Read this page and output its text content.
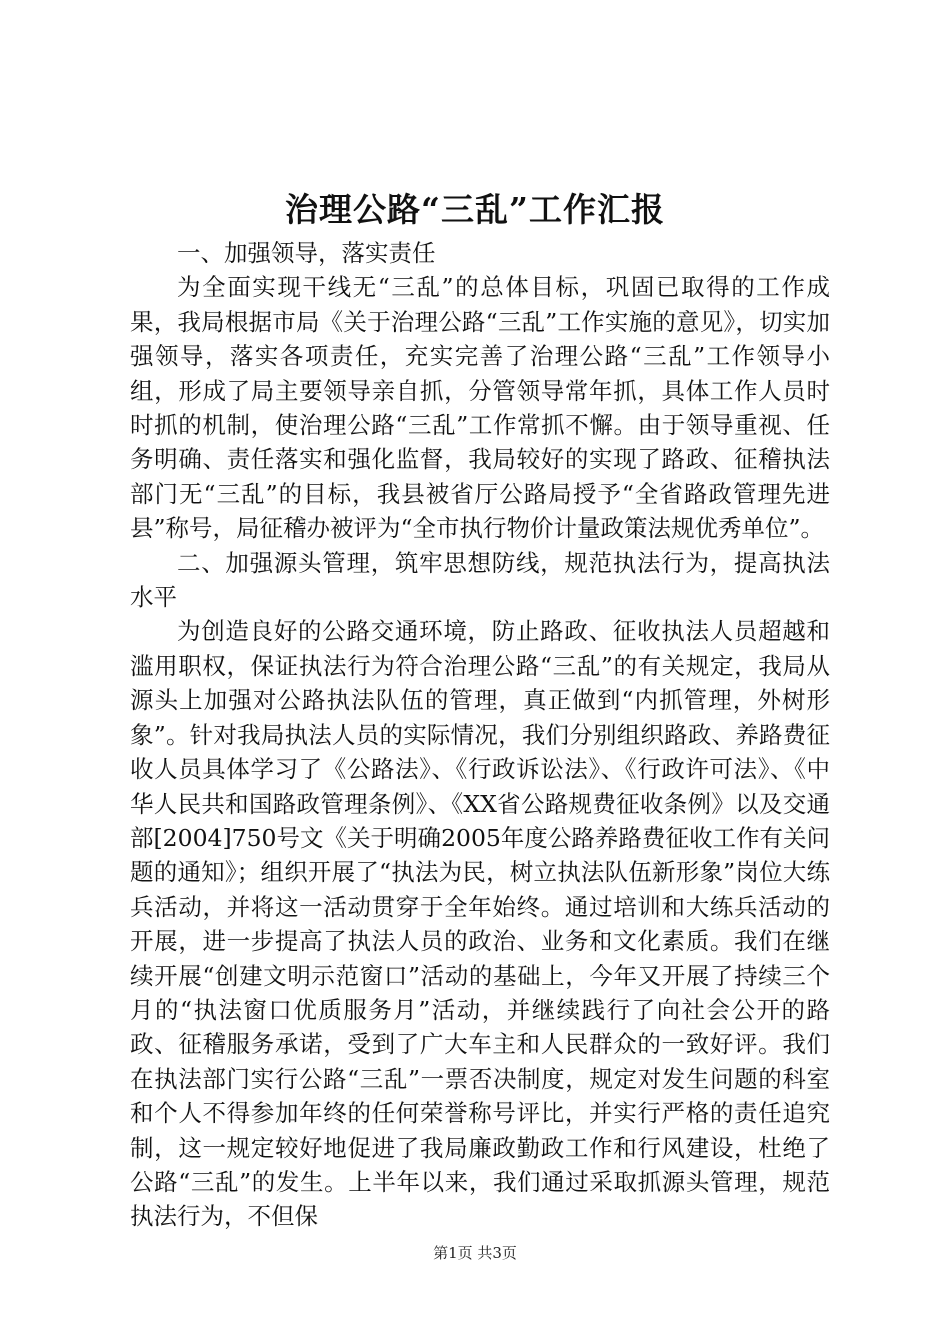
治理公路“三乱”工作汇报

一、加强领导，落实责任

为全面实现干线无“三乱”的总体目标，巩固已取得的工作成果，我局根据市局《关于治理公路“三乱”工作实施的意见》，切实加强领导，落实各项责任，充实完善了治理公路“三乱”工作领导小组，形成了局主要领导亲自抓，分管领导常年抓，具体工作人员时时抓的机制，使治理公路“三乱”工作常抓不懈。由于领导重视、任务明确、责任落实和强化监督，我局较好的实现了路政、征稽执法部门无“三乱”的目标，我县被省厅公路局授予“全省路政管理先进县”称号，局征稽办被评为“全市执行物价计量政策法规优秀单位”。

二、加强源头管理，筑牢思想防线，规范执法行为，提高执法水平

为创造良好的公路交通环境，防止路政、征收执法人员超越和滥用职权，保证执法行为符合治理公路“三乱”的有关规定，我局从源头上加强对公路执法队伍的管理，真正做到“内抓管理，外树形象”。针对我局执法人员的实际情况，我们分别组织路政、养路费征收人员具体学习了《公路法》、《行政诉讼法》、《行政许可法》、《中华人民共和国路政管理条例》、《XX省公路规费征收条例》以及交通部[2004]750号文《关于明确2005年度公路养路费征收工作有关问题的通知》；组织开展了“执法为民，树立执法队伍新形象”岗位大练兵活动，并将这一活动贯穿于全年始终。通过培训和大练兵活动的开展，进一步提高了执法人员的政治、业务和文化素质。我们在继续开展“创建文明示范窗口”活动的基础上，今年又开展了持续三个月的“执法窗口优质服务月”活动，并继续践行了向社会公开的路政、征稽服务承诺，受到了广大车主和人民群众的一致好评。我们在执法部门实行公路“三乱”一票否决制度，规定对发生问题的科室和个人不得参加年终的任何荣誉称号评比，并实行严格的责任追究制，这一规定较好地促进了我局廉政勤政工作和行风建设，杜绝了公路“三乱”的发生。上半年以来，我们通过采取抓源头管理，规范执法行为，不但保

第1页 共3页
